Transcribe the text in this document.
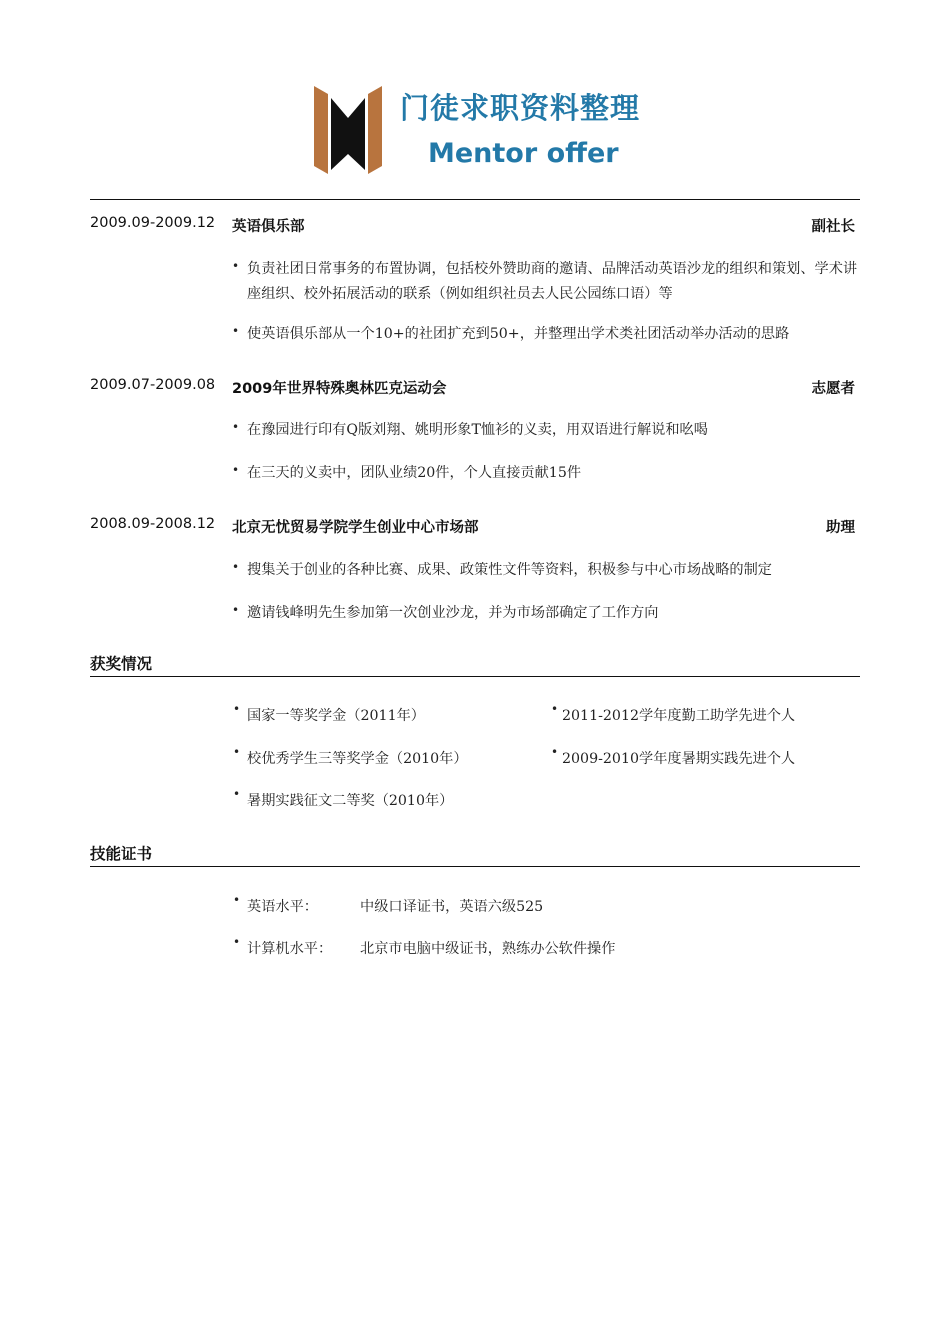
门徒求职资料整理
Mentor offer
2009.09-2009.12 英语俱乐部	副社长
• 负责社团日常事务的布置协调，包括校外赞助商的邀请、品牌活动英语沙龙的组织和策划、学术讲座组织、校外拓展活动的联系（例如组织社员去人民公园练口语）等
• 使英语俱乐部从一个10+的社团扩充到50+，并整理出学术类社团活动举办活动的思路
2009.07-2009.08 2009年世界特殊奥林匹克运动会	志愿者
• 在豫园进行印有Q版刘翔、姚明形象T恤衫的义卖，用双语进行解说和吆喝
• 在三天的义卖中，团队业绩20件，个人直接贡献15件
2008.09-2008.12 北京无忧贸易学院学生创业中心市场部	助理
• 搜集关于创业的各种比赛、成果、政策性文件等资料，积极参与中心市场战略的制定
• 邀请钱峰明先生参加第一次创业沙龙，并为市场部确定了工作方向
获奖情况
• 国家一等奖学金（2011年）
• 校优秀学生三等奖学金（2010年）
• 暑期实践征文二等奖（2010年）
• 2011-2012学年度勤工助学先进个人
• 2009-2010学年度暑期实践先进个人
技能证书
• 英语水平：	中级口译证书，英语六级525
• 计算机水平： 北京市电脑中级证书，熟练办公软件操作
